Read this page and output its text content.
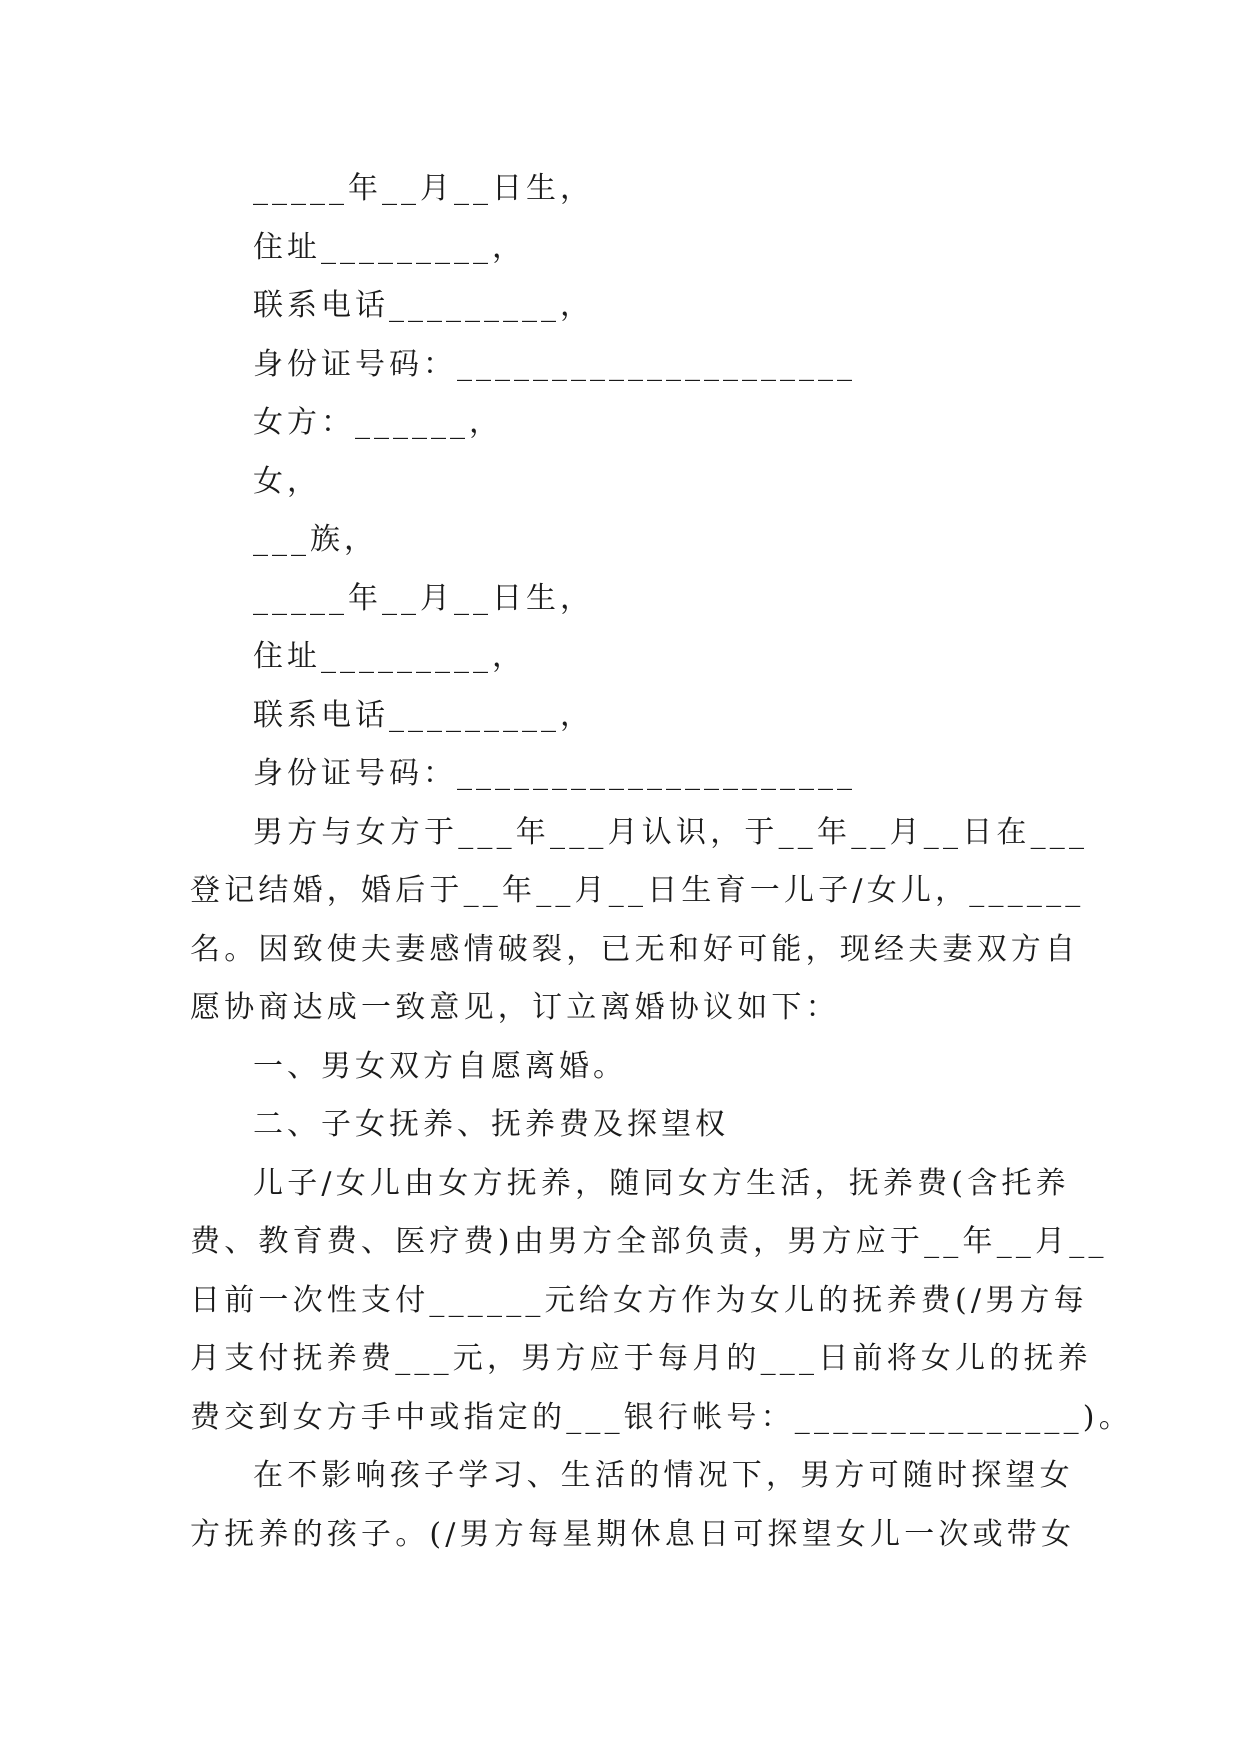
_____年__月__日生，
住址_________，
联系电话_________，
身份证号码：_____________________
女方：______，
女，
___族，
_____年__月__日生，
住址_________，
联系电话_________，
身份证号码：_____________________
男方与女方于___年___月认识，于__年__月__日在___
登记结婚，婚后于__年__月__日生育一儿子/女儿，______
名。因致使夫妻感情破裂，已无和好可能，现经夫妻双方自
愿协商达成一致意见，订立离婚协议如下：
一、男女双方自愿离婚。
二、子女抚养、抚养费及探望权
儿子/女儿由女方抚养，随同女方生活，抚养费(含托养
费、教育费、医疗费)由男方全部负责，男方应于__年__月__
日前一次性支付______元给女方作为女儿的抚养费(/男方每
月支付抚养费___元，男方应于每月的___日前将女儿的抚养
费交到女方手中或指定的___银行帐号：_______________)。
在不影响孩子学习、生活的情况下，男方可随时探望女
方抚养的孩子。(/男方每星期休息日可探望女儿一次或带女
